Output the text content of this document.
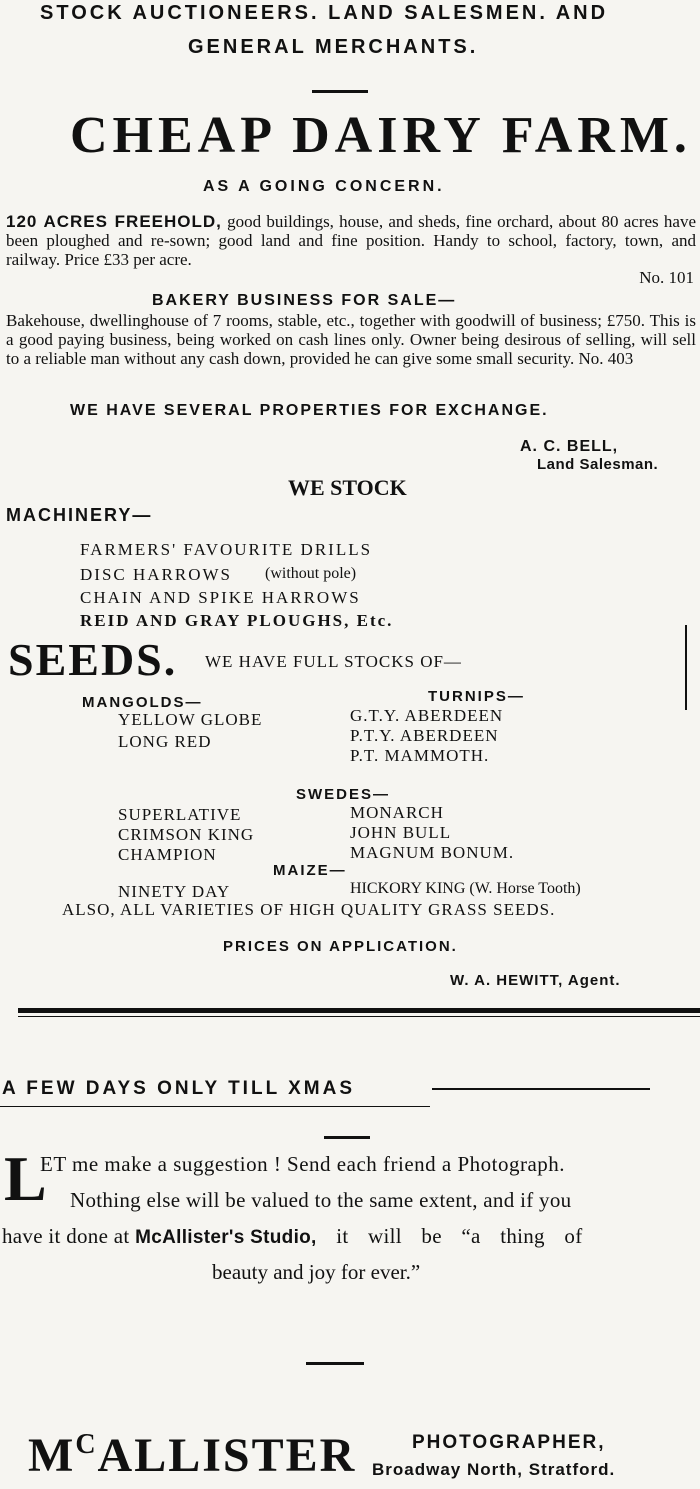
STOCK AUCTIONEERS. LAND SALESMEN. AND
GENERAL MERCHANTS.
CHEAP DAIRY FARM.
AS A GOING CONCERN.
120 ACRES FREEHOLD, good buildings, house, and sheds, fine orchard, about 80 acres have been ploughed and re-sown; good land and fine position. Handy to school, factory, town, and railway. Price £33 per acre.
No. 101
BAKERY BUSINESS FOR SALE—
Bakehouse, dwellinghouse of 7 rooms, stable, etc., together with goodwill of business; £750. This is a good paying business, being worked on cash lines only. Owner being desirous of selling, will sell to a reliable man without any cash down, provided he can give some small security. No. 403
WE HAVE SEVERAL PROPERTIES FOR EXCHANGE.
A. C. BELL,
Land Salesman.
WE STOCK
MACHINERY—
FARMERS' FAVOURITE DRILLS
DISC HARROWS (without pole)
CHAIN AND SPIKE HARROWS
REID AND GRAY PLOUGHS, Etc.
SEEDS. WE HAVE FULL STOCKS OF—
MANGOLDS—
YELLOW GLOBE
LONG RED
TURNIPS—
G.T.Y. ABERDEEN
P.T.Y. ABERDEEN
P.T. MAMMOTH.
SWEDES—
SUPERLATIVE
CRIMSON KING
CHAMPION
MONARCH
JOHN BULL
MAGNUM BONUM.
MAIZE—
NINETY DAY	HICKORY KING (W. Horse Tooth)
ALSO, ALL VARIETIES OF HIGH QUALITY GRASS SEEDS.
PRICES ON APPLICATION.
W. A. HEWITT, Agent.
A FEW DAYS ONLY TILL XMAS
L
ET me make a suggestion ! Send each friend a Photograph.
Nothing else will be valued to the same extent, and if you
have it done at McAllister's Studio, it will be “a thing of
beauty and joy for ever.”
$M^CALLISTER$	PHOTOGRAPHER,
Broadway North, Stratford.
